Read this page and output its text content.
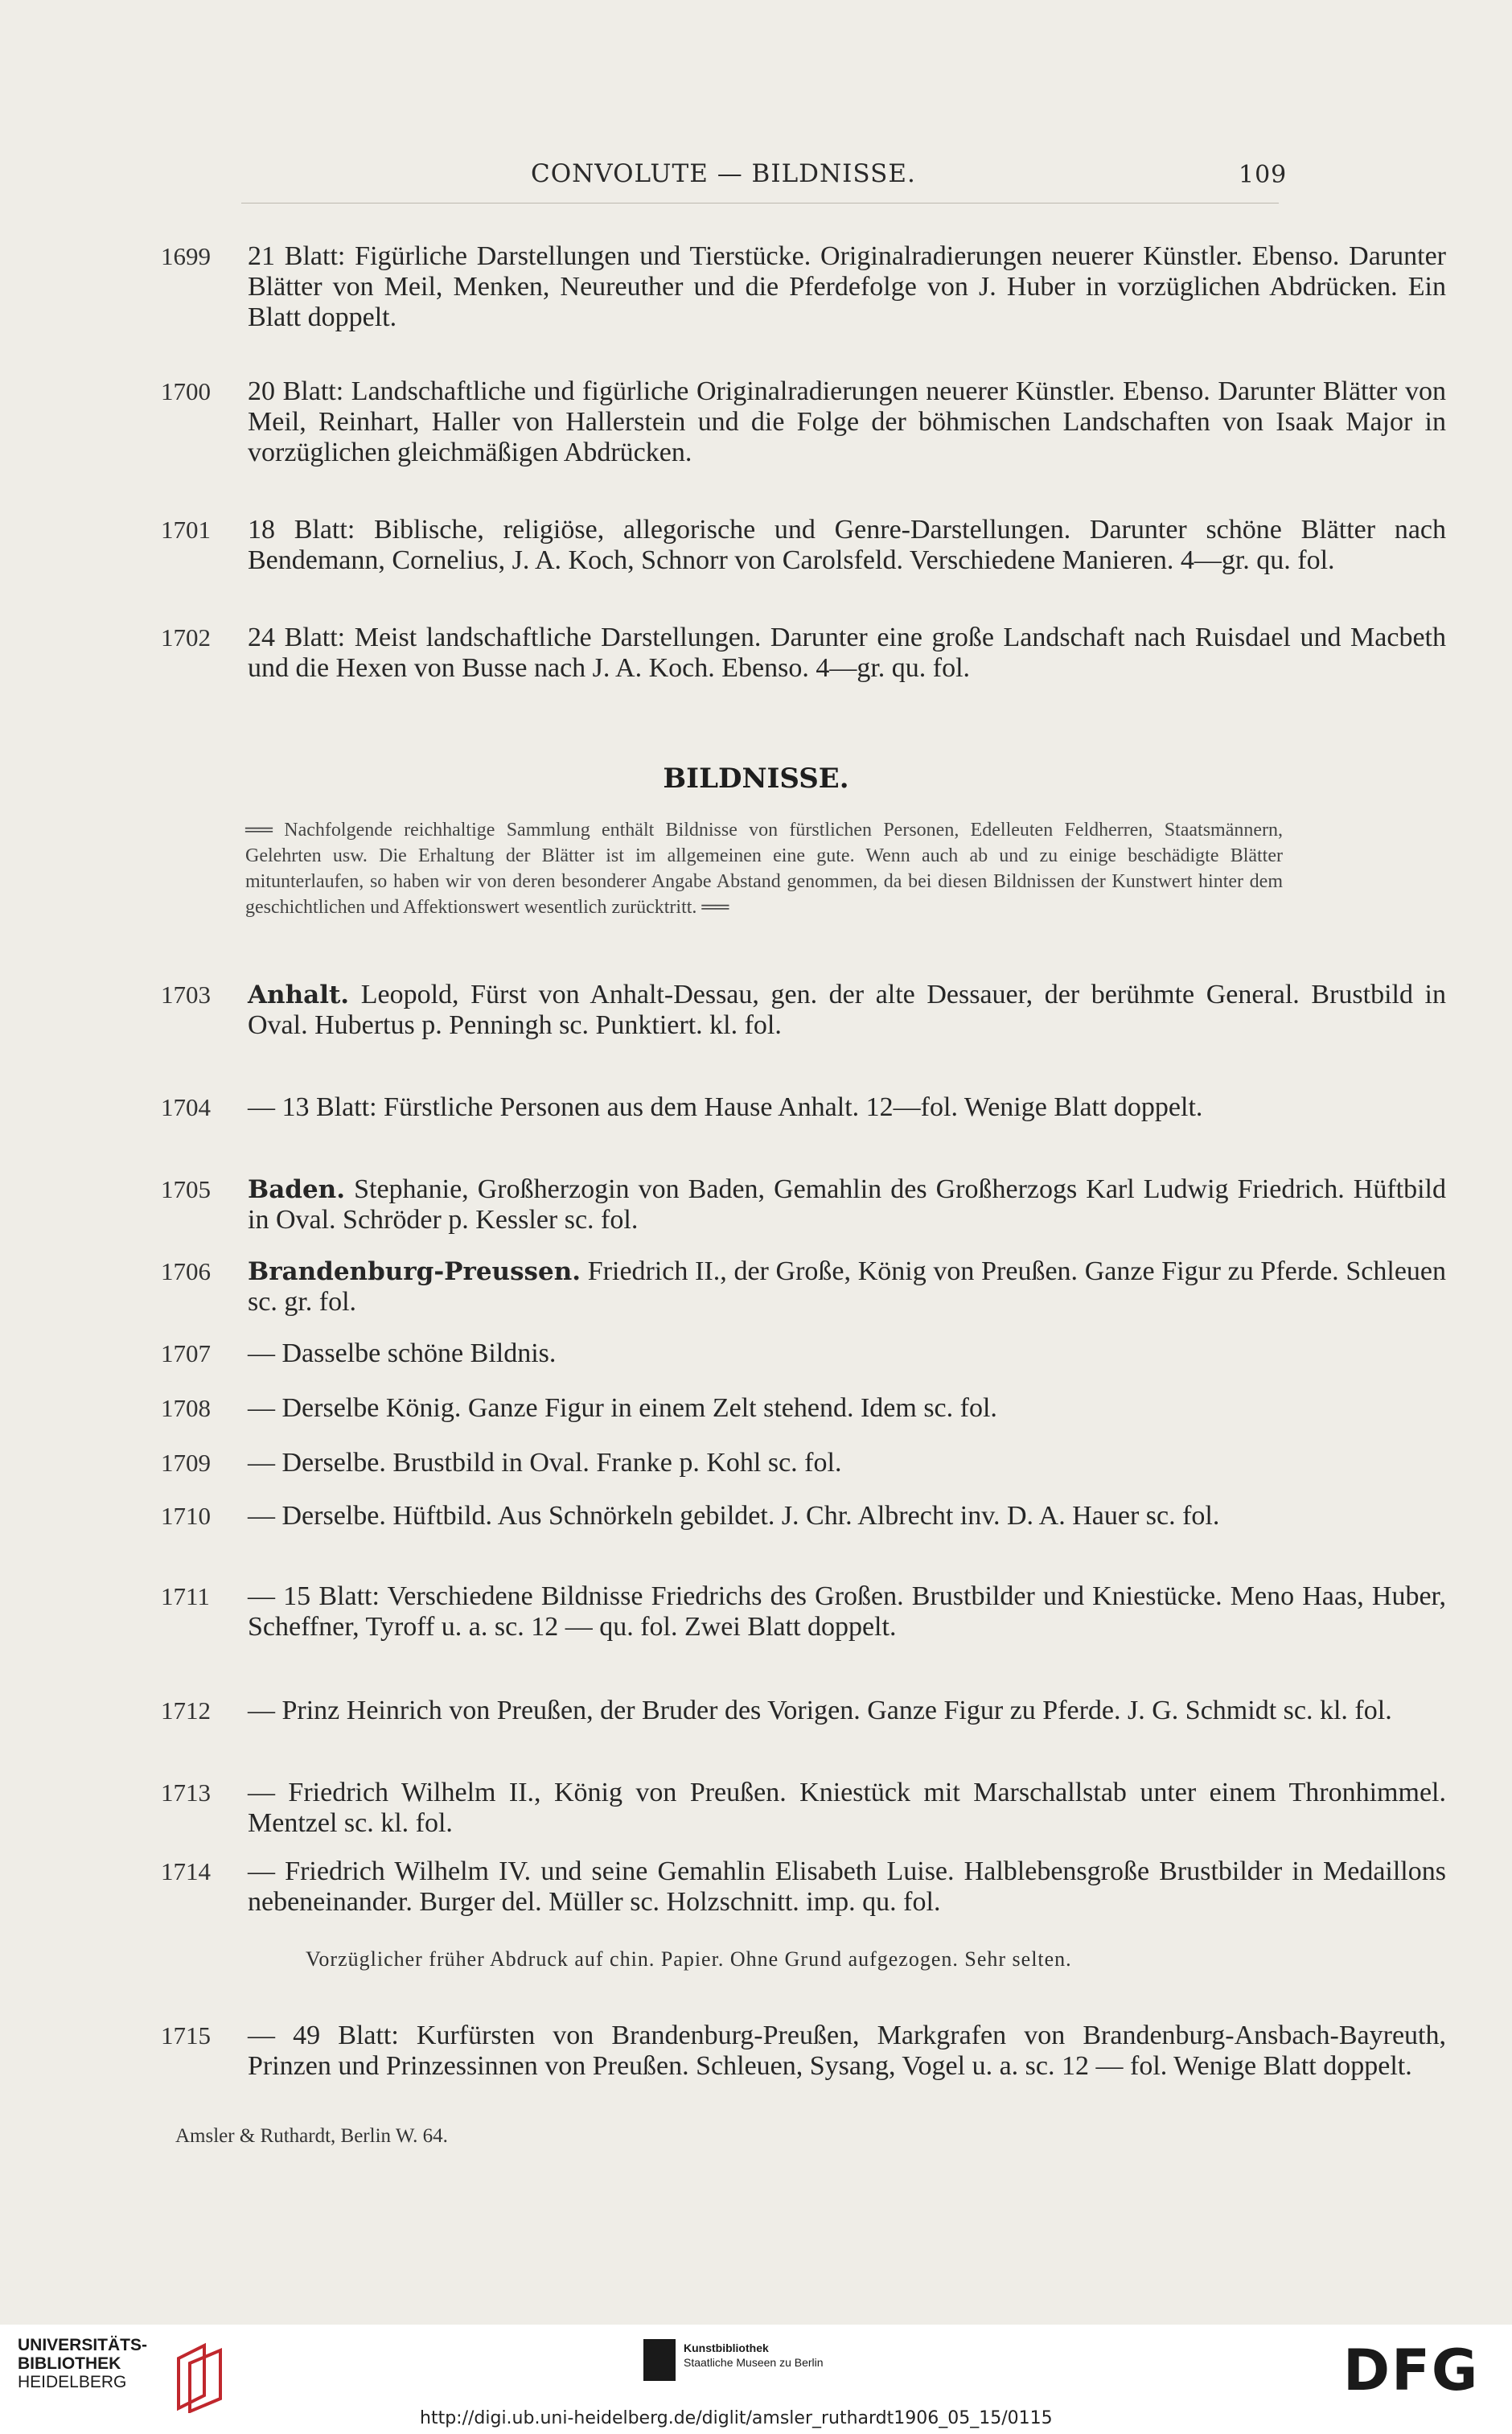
CONVOLUTE — BILDNISSE.	109
1699	21 Blatt: Figürliche Darstellungen und Tierstücke. Originalradierungen neuerer Künstler. Ebenso. Darunter Blätter von Meil, Menken, Neureuther und die Pferdefolge von J. Huber in vorzüglichen Abdrücken. Ein Blatt doppelt.
1700	20 Blatt: Landschaftliche und figürliche Originalradierungen neuerer Künstler. Ebenso. Darunter Blätter von Meil, Reinhart, Haller von Hallerstein und die Folge der böhmischen Landschaften von Isaak Major in vorzüglichen gleichmäßigen Abdrücken.
1701	18 Blatt: Biblische, religiöse, allegorische und Genre-Darstellungen. Darunter schöne Blätter nach Bendemann, Cornelius, J. A. Koch, Schnorr von Carolsfeld. Verschiedene Manieren. 4—gr. qu. fol.
1702	24 Blatt: Meist landschaftliche Darstellungen. Darunter eine große Landschaft nach Ruisdael und Macbeth und die Hexen von Busse nach J. A. Koch. Ebenso. 4—gr. qu. fol.
BILDNISSE.
══ Nachfolgende reichhaltige Sammlung enthält Bildnisse von fürstlichen Personen, Edelleuten Feldherren, Staatsmännern, Gelehrten usw. Die Erhaltung der Blätter ist im allgemeinen eine gute. Wenn auch ab und zu einige beschädigte Blätter mitunterlaufen, so haben wir von deren besonderer Angabe Abstand genommen, da bei diesen Bildnissen der Kunstwert hinter dem geschichtlichen und Affektionswert wesentlich zurücktritt. ══
1703	Anhalt. Leopold, Fürst von Anhalt-Dessau, gen. der alte Dessauer, der berühmte General. Brustbild in Oval. Hubertus p. Penningh sc. Punktiert. kl. fol.
1704	— 13 Blatt: Fürstliche Personen aus dem Hause Anhalt. 12—fol. Wenige Blatt doppelt.
1705	Baden. Stephanie, Großherzogin von Baden, Gemahlin des Großherzogs Karl Ludwig Friedrich. Hüftbild in Oval. Schröder p. Kessler sc. fol.
1706	Brandenburg-Preussen. Friedrich II., der Große, König von Preußen. Ganze Figur zu Pferde. Schleuen sc. gr. fol.
1707	— Dasselbe schöne Bildnis.
1708	— Derselbe König. Ganze Figur in einem Zelt stehend. Idem sc. fol.
1709	— Derselbe. Brustbild in Oval. Franke p. Kohl sc. fol.
1710	— Derselbe. Hüftbild. Aus Schnörkeln gebildet. J. Chr. Albrecht inv. D. A. Hauer sc. fol.
1711	— 15 Blatt: Verschiedene Bildnisse Friedrichs des Großen. Brustbilder und Kniestücke. Meno Haas, Huber, Scheffner, Tyroff u. a. sc. 12 — qu. fol. Zwei Blatt doppelt.
1712	— Prinz Heinrich von Preußen, der Bruder des Vorigen. Ganze Figur zu Pferde. J. G. Schmidt sc. kl. fol.
1713	— Friedrich Wilhelm II., König von Preußen. Kniestück mit Marschallstab unter einem Thronhimmel. Mentzel sc. kl. fol.
1714	— Friedrich Wilhelm IV. und seine Gemahlin Elisabeth Luise. Halblebensgroße Brustbilder in Medaillons nebeneinander. Burger del. Müller sc. Holzschnitt. imp. qu. fol.
Vorzüglicher früher Abdruck auf chin. Papier. Ohne Grund aufgezogen. Sehr selten.
1715	— 49 Blatt: Kurfürsten von Brandenburg-Preußen, Markgrafen von Brandenburg-Ansbach-Bayreuth, Prinzen und Prinzessinnen von Preußen. Schleuen, Sysang, Vogel u. a. sc. 12 — fol. Wenige Blatt doppelt.
Amsler & Ruthardt, Berlin W. 64.
UNIVERSITÄTS-
BIBLIOTHEK
HEIDELBERG
Kunstbibliothek
Staatliche Museen zu Berlin	DFG
http://digi.ub.uni-heidelberg.de/diglit/amsler_ruthardt1906_05_15/0115
